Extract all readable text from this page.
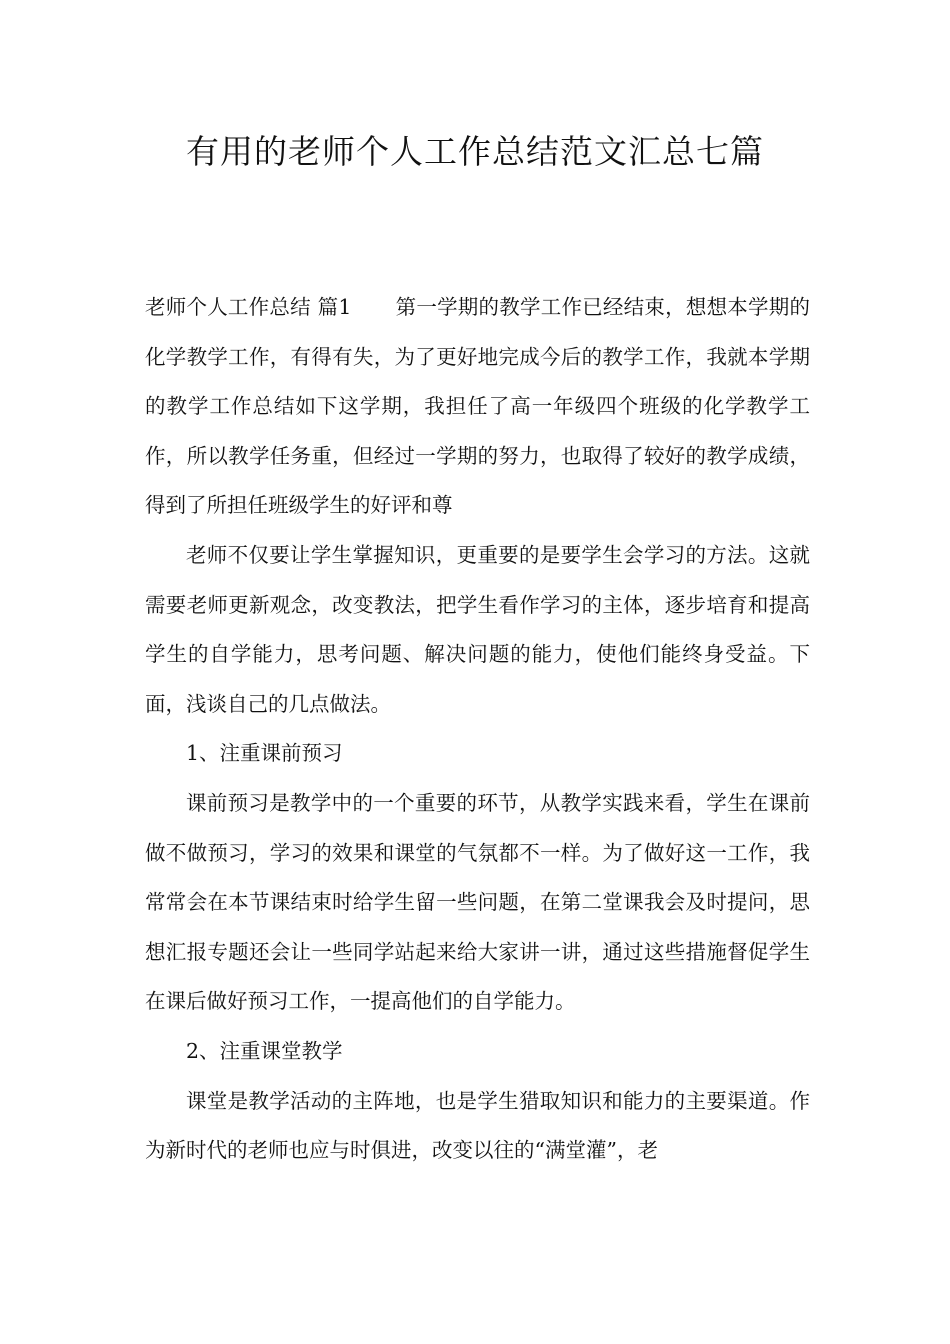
有用的老师个人工作总结范文汇总七篇

老师个人工作总结 篇1 第一学期的教学工作已经结束，想想本学期的化学教学工作，有得有失，为了更好地完成今后的教学工作，我就本学期的教学工作总结如下这学期，我担任了高一年级四个班级的化学教学工作，所以教学任务重，但经过一学期的努力，也取得了较好的教学成绩，得到了所担任班级学生的好评和尊

老师不仅要让学生掌握知识，更重要的是要学生会学习的方法。这就需要老师更新观念，改变教法，把学生看作学习的主体，逐步培育和提高学生的自学能力，思考问题、解决问题的能力，使他们能终身受益。下面，浅谈自己的几点做法。

1、注重课前预习

课前预习是教学中的一个重要的环节，从教学实践来看，学生在课前做不做预习，学习的效果和课堂的气氛都不一样。为了做好这一工作，我常常会在本节课结束时给学生留一些问题，在第二堂课我会及时提问，思想汇报专题还会让一些同学站起来给大家讲一讲，通过这些措施督促学生在课后做好预习工作，一提高他们的自学能力。

2、注重课堂教学

课堂是教学活动的主阵地，也是学生猎取知识和能力的主要渠道。作为新时代的老师也应与时俱进，改变以往的“满堂灌”，老
